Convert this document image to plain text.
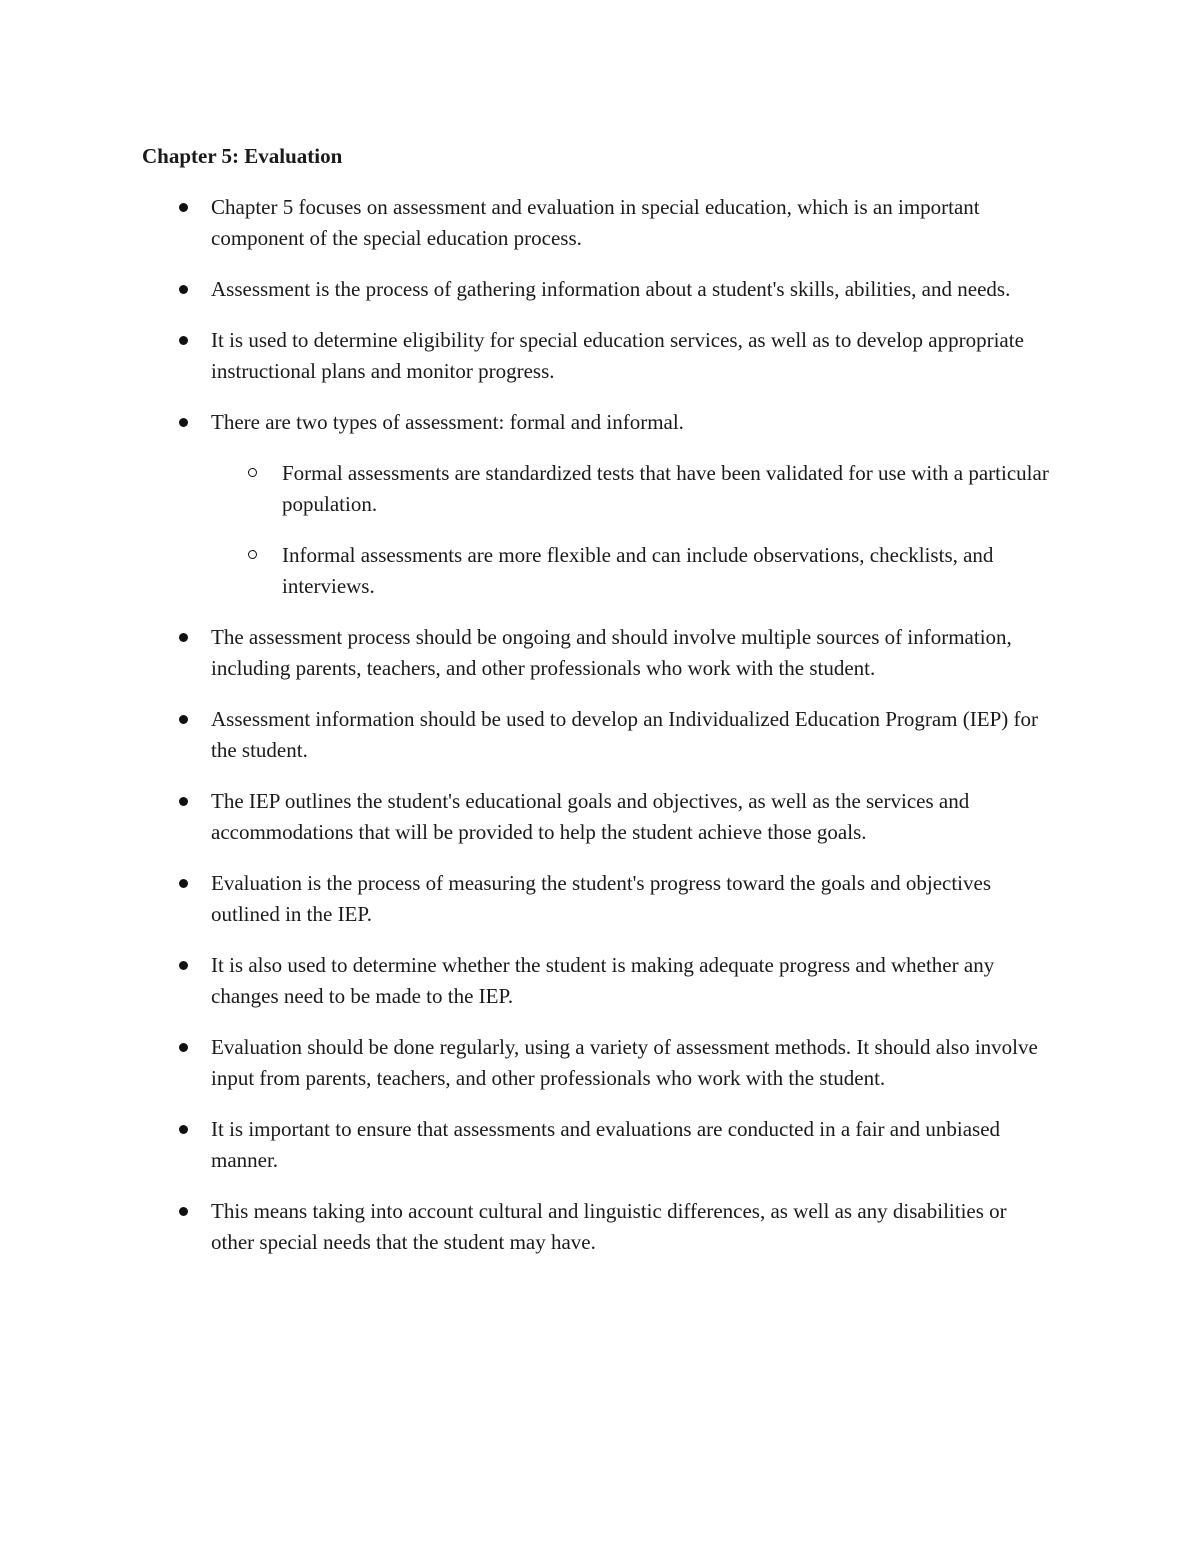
Chapter 5: Evaluation
Chapter 5 focuses on assessment and evaluation in special education, which is an important component of the special education process.
Assessment is the process of gathering information about a student's skills, abilities, and needs.
It is used to determine eligibility for special education services, as well as to develop appropriate instructional plans and monitor progress.
There are two types of assessment: formal and informal.
Formal assessments are standardized tests that have been validated for use with a particular population.
Informal assessments are more flexible and can include observations, checklists, and interviews.
The assessment process should be ongoing and should involve multiple sources of information, including parents, teachers, and other professionals who work with the student.
Assessment information should be used to develop an Individualized Education Program (IEP) for the student.
The IEP outlines the student's educational goals and objectives, as well as the services and accommodations that will be provided to help the student achieve those goals.
Evaluation is the process of measuring the student's progress toward the goals and objectives outlined in the IEP.
It is also used to determine whether the student is making adequate progress and whether any changes need to be made to the IEP.
Evaluation should be done regularly, using a variety of assessment methods. It should also involve input from parents, teachers, and other professionals who work with the student.
It is important to ensure that assessments and evaluations are conducted in a fair and unbiased manner.
This means taking into account cultural and linguistic differences, as well as any disabilities or other special needs that the student may have.
